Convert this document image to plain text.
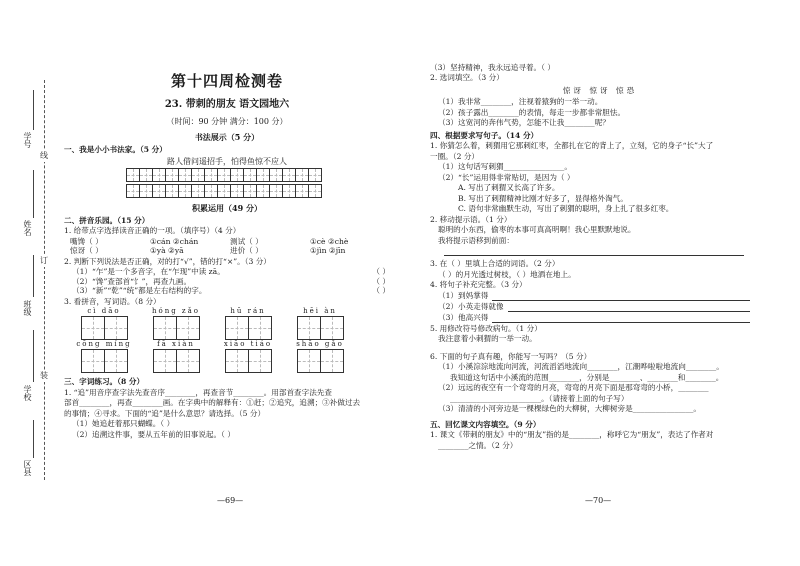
学号
姓名
班级
学校
区县
线
订
装
第十四周检测卷
23. 带刺的朋友 语文园地六
（时间：90 分钟 满分：100 分）
书法展示（5 分）
一、我是小小书法家。（5 分）
路人借问遥招手，怕得鱼惊不应人
积累运用（49 分）
二、拼音乐园。（15 分）
1. 给带点字选择读音正确的一项。（填序号）（4 分）
嘴馋（ ）	①cán ②chán	测试（ ）	①cè ②chè
惊讶（ ）	①yà ②yā	进价（ ）	①jìn ②jīn
2. 判断下列说法是否正确，对的打“√”，错的打“×”。（3 分）
（1）“乍”是一个多音字，在“乍现”中读 zā。	（ ）
（2）“馋”查部首“饣”，再查九画。	（ ）
（3）“新”“乾”“统”都是左右结构的字。	（ ）
3. 看拼音，写词语。（8 分）
cì dāo	hóng zǎo	hū rán	hēi àn
cōng míng	fā xiàn	xiāo tiáo	shāo gǎo
三、字词练习。（8 分）
1. “追”用音序查字法先查音序________，再查音节________。用部首查字法先查
部首________，再查________画。在字典中的解释有：①赶；②追究，追溯；③补做过去
的事情；④寻求。下面的“追”是什么意思？请选择。（5 分）
（1）她追赶着那只蝴蝶。（ ）
（2）追溯这件事，要从五年前的旧事说起。（ ）
—69—
（3）坚持精神，我永远追寻着。（ ）
2. 选词填空。（3 分）
惊讶 惊讶 惊恐
（1）我非常________，注视着猿狗的一举一动。
（2）孩子露出________的表情，每走一步都非常胆怯。
（3）这宽河的奔伟气势，怎能不让我________呢？
四、根据要求写句子。（14 分）
1. 你猜怎么着，刺猬用它那刺红枣，全都扎在它的背上了，立刻，它的身子“长”大了
一圈。（2 分）
（1）这句话写刺猬________________。
（2）“长”运用得非常贴切，是因为（ ）
A. 写出了刺猬又长高了许多。
B. 写出了刺猬精神比刚才好多了，显得格外淘气。
C. 语句非常幽默生动，写出了刺猬的聪明，身上扎了很多红枣。
2. 移动提示语。（1 分）
聪明的小东西，偷枣的本事可真高明啊！我心里默默地说。
我将提示语移到前面：
3. 在（ ）里填上合适的词语。（2 分）
（ ）的月光透过树枝，（ ）地洒在地上。
4. 将句子补充完整。（3 分）
（1）到妈掌得
（2）小英走得就像
（3）他高兴得
5. 用修改符号修改病句。（1 分）
我注意着小刺猬的一举一动。
6. 下面的句子真有趣，你能写一写吗？（5 分）
（1）小溪淙淙地流向河流，河流滔滔地流向________，江潮哗啦啦地流向________。
我知道这句话中小溪流的范围________，分别是________、________和________。
（2）远远的夜空有一个弯弯的月亮，弯弯的月亮下面是那弯弯的小桥，________
________________________。（请接着上面的句子写）
（3）清清的小河旁边是一棵棵绿色的大柳树，大柳树旁是________________。
五、回忆课文内容填空。（9 分）
1. 课文《带刺的朋友》中的“朋友”指的是________，称呼它为“朋友”，表达了作者对
________之情。（2 分）
—70—
